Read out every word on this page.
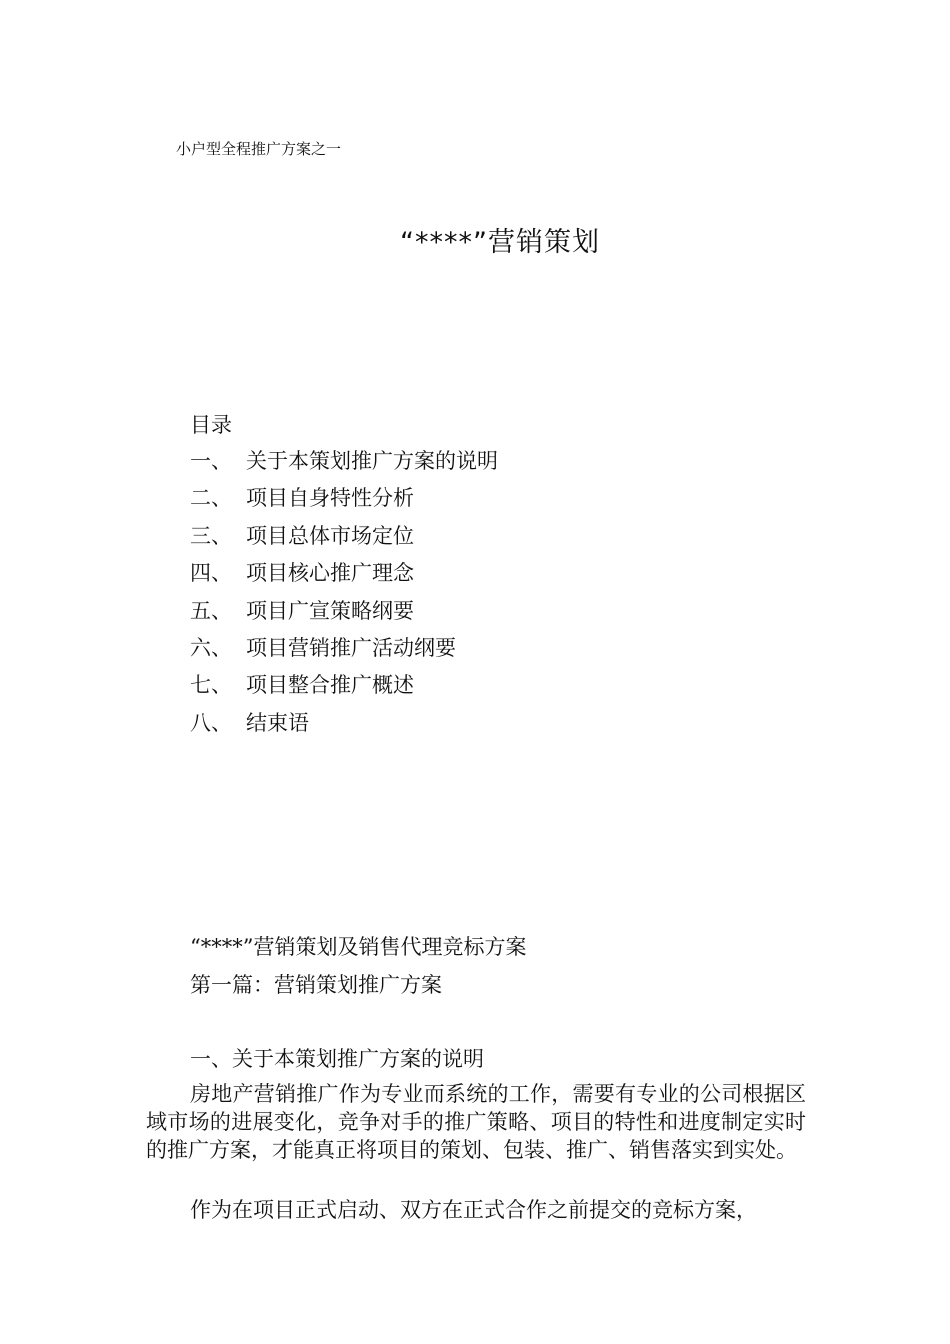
小户型全程推广方案之一
“****”营销策划
目录
一、 关于本策划推广方案的说明
二、 项目自身特性分析
三、 项目总体市场定位
四、 项目核心推广理念
五、 项目广宣策略纲要
六、 项目营销推广活动纲要
七、 项目整合推广概述
八、 结束语
“****”营销策划及销售代理竞标方案
第一篇：营销策划推广方案
一、关于本策划推广方案的说明

房地产营销推广作为专业而系统的工作，需要有专业的公司根据区域市场的进展变化，竞争对手的推广策略、项目的特性和进度制定实时的推广方案，才能真正将项目的策划、包装、推广、销售落实到实处。

作为在项目正式启动、双方在正式合作之前提交的竞标方案，
